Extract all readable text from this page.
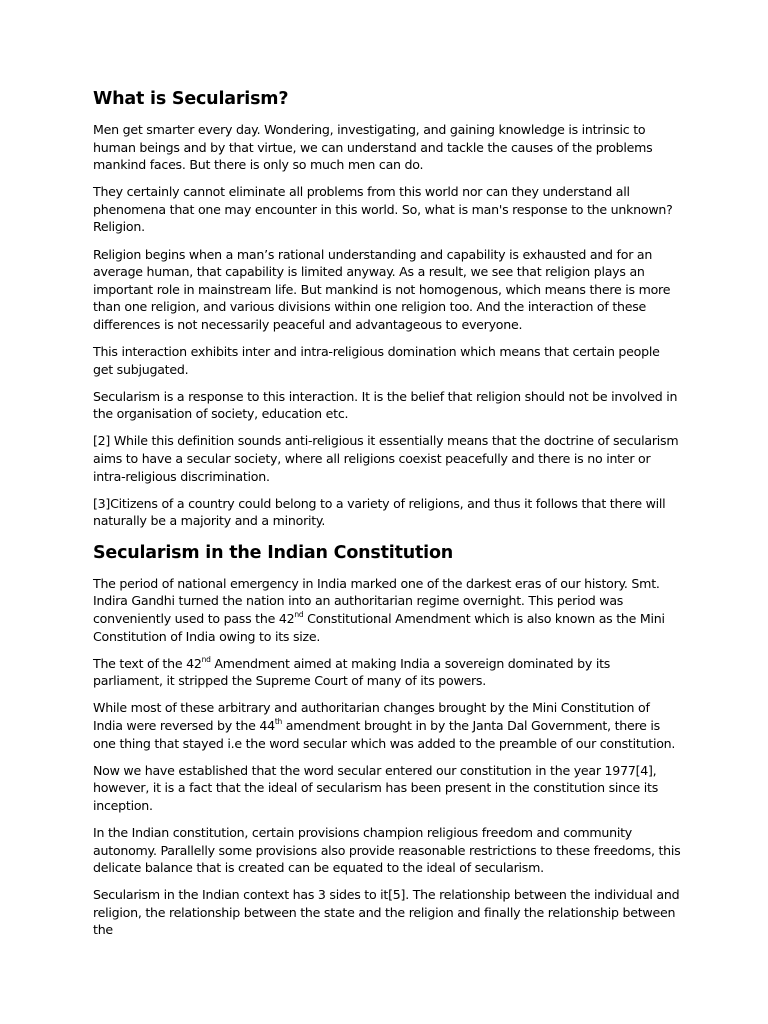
What is Secularism?

Men get smarter every day. Wondering, investigating, and gaining knowledge is intrinsic to human beings and by that virtue, we can understand and tackle the causes of the problems mankind faces. But there is only so much men can do.

They certainly cannot eliminate all problems from this world nor can they understand all phenomena that one may encounter in this world. So, what is man's response to the unknown? Religion.

Religion begins when a man’s rational understanding and capability is exhausted and for an average human, that capability is limited anyway. As a result, we see that religion plays an important role in mainstream life. But mankind is not homogenous, which means there is more than one religion, and various divisions within one religion too. And the interaction of these differences is not necessarily peaceful and advantageous to everyone.

This interaction exhibits inter and intra-religious domination which means that certain people get subjugated.

Secularism is a response to this interaction. It is the belief that religion should not be involved in the organisation of society, education etc.

[2] While this definition sounds anti-religious it essentially means that the doctrine of secularism aims to have a secular society, where all religions coexist peacefully and there is no inter or intra-religious discrimination.

[3]Citizens of a country could belong to a variety of religions, and thus it follows that there will naturally be a majority and a minority.

Secularism in the Indian Constitution

The period of national emergency in India marked one of the darkest eras of our history. Smt. Indira Gandhi turned the nation into an authoritarian regime overnight. This period was conveniently used to pass the 42nd Constitutional Amendment which is also known as the Mini Constitution of India owing to its size.

The text of the 42nd Amendment aimed at making India a sovereign dominated by its parliament, it stripped the Supreme Court of many of its powers.

While most of these arbitrary and authoritarian changes brought by the Mini Constitution of India were reversed by the 44th amendment brought in by the Janta Dal Government, there is one thing that stayed i.e the word secular which was added to the preamble of our constitution.

Now we have established that the word secular entered our constitution in the year 1977[4], however, it is a fact that the ideal of secularism has been present in the constitution since its inception.

In the Indian constitution, certain provisions champion religious freedom and community autonomy. Parallelly some provisions also provide reasonable restrictions to these freedoms, this delicate balance that is created can be equated to the ideal of secularism.

Secularism in the Indian context has 3 sides to it[5]. The relationship between the individual and religion, the relationship between the state and the religion and finally the relationship between the
